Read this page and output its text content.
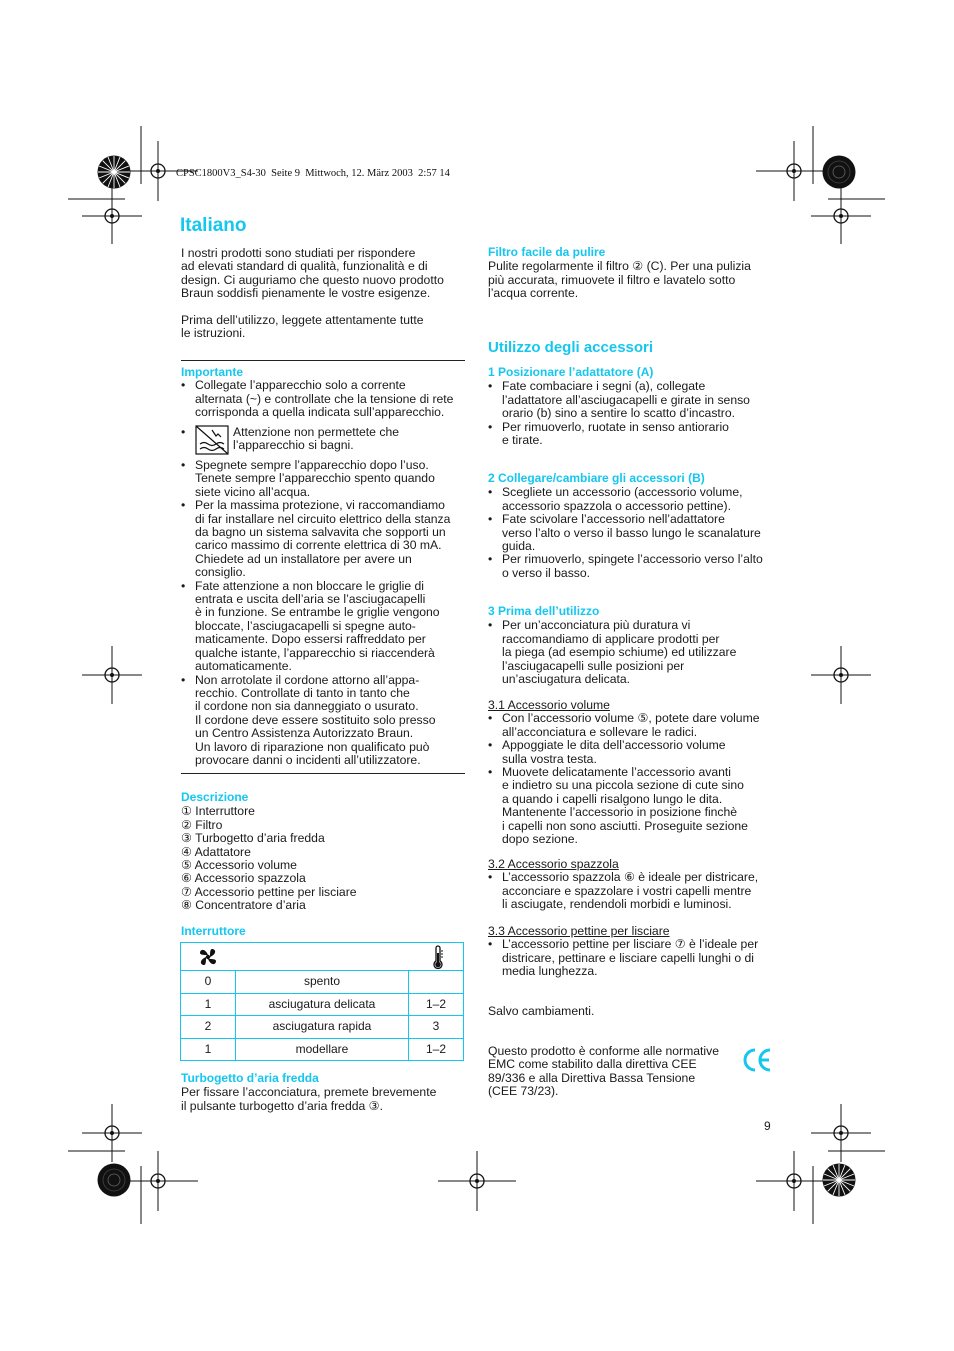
CPSC1800V3_S4-30  Seite 9  Mittwoch, 12. März 2003  2:57 14
Italiano

I nostri prodotti sono studiati per rispondere

ad elevati standard di qualità, funzionalità e di

design. Ci auguriamo che questo nuovo prodotto

Braun soddisfi pienamente le vostre esigenze.

Prima dell’utilizzo, leggete attentamente tutte

le istruzioni.

Importante

• Collegate l’apparecchio solo a corrente

alternata (~) e controllate che la tensione di rete

corrisponda a quella indicata sull’apparecchio.

•	Attenzione non permettete che

l’apparecchio si bagni.

• Spegnete sempre l’apparecchio dopo l’uso.

Tenete sempre l’apparecchio spento quando

siete vicino all’acqua.

• Per la massima protezione, vi raccomandiamo

di far installare nel circuito elettrico della stanza

da bagno un sistema salvavita che sopporti un

carico massimo di corrente elettrica di 30 mA.

Chiedete ad un installatore per avere un

consiglio.

• Fate attenzione a non bloccare le griglie di

entrata e uscita dell’aria se l’asciugacapelli

è in funzione. Se entrambe le griglie vengono

bloccate, l’asciugacapelli si spegne auto-

maticamente. Dopo essersi raffreddato per

qualche istante, l’apparecchio si riaccenderà

automaticamente.

• Non arrotolate il cordone attorno all’appa-

recchio. Controllate di tanto in tanto che

il cordone non sia danneggiato o usurato.

Il cordone deve essere sostituito solo presso

un Centro Assistenza Autorizzato Braun.

Un lavoro di riparazione non qualificato può

provocare danni o incidenti all’utilizzatore.

Descrizione

① Interruttore

② Filtro

③ Turbogetto d’aria fredda

④ Adattatore

⑤ Accessorio volume

⑥ Accessorio spazzola

⑦ Accessorio pettine per lisciare

⑧ Concentratore d’aria

Interruttore

0	spento	
1	asciugatura delicata	1–2
2	asciugatura rapida	3
1	modellare	1–2

Turbogetto d’aria fredda

Per fissare l’acconciatura, premete brevemente

il pulsante turbogetto d’aria fredda ③.

Filtro facile da pulire

Pulite regolarmente il filtro ② (C). Per una pulizia

più accurata, rimuovete il filtro e lavatelo sotto

l’acqua corrente.

Utilizzo degli accessori

1 Posizionare l’adattatore (A)

• Fate combaciare i segni (a), collegate

l’adattatore all’asciugacapelli e girate in senso

orario (b) sino a sentire lo scatto d’incastro.

• Per rimuoverlo, ruotate in senso antiorario

e tirate.

2 Collegare/cambiare gli accessori (B)

• Scegliete un accessorio (accessorio volume,

accessorio spazzola o accessorio pettine).

• Fate scivolare l’accessorio nell’adattatore

verso l’alto o verso il basso lungo le scanalature

guida.

• Per rimuoverlo, spingete l’accessorio verso l’alto

o verso il basso.

3 Prima dell’utilizzo

• Per un’acconciatura più duratura vi

raccomandiamo di applicare prodotti per

la piega (ad esempio schiume) ed utilizzare

l’asciugacapelli sulle posizioni per

un’asciugatura delicata.

3.1 Accessorio volume

• Con l’accessorio volume ⑤, potete dare volume

all’acconciatura e sollevare le radici.

• Appoggiate le dita dell’accessorio volume

sulla vostra testa.

• Muovete delicatamente l’accessorio avanti

e indietro su una piccola sezione di cute sino

a quando i capelli risalgono lungo le dita.

Mantenente l’accessorio in posizione finchè

i capelli non sono asciutti. Proseguite sezione

dopo sezione.

3.2 Accessorio spazzola

• L’accessorio spazzola ⑥ è ideale per districare,

acconciare e spazzolare i vostri capelli mentre

li asciugate, rendendoli morbidi e luminosi.

3.3 Accessorio pettine per lisciare

• L’accessorio pettine per lisciare ⑦ è l’ideale per

districare, pettinare e lisciare capelli lunghi o di

media lunghezza.

Salvo cambiamenti.

Questo prodotto è conforme alle normative

EMC come stabilito dalla direttiva CEE

89/336 e alla Direttiva Bassa Tensione

(CEE 73/23).

9
